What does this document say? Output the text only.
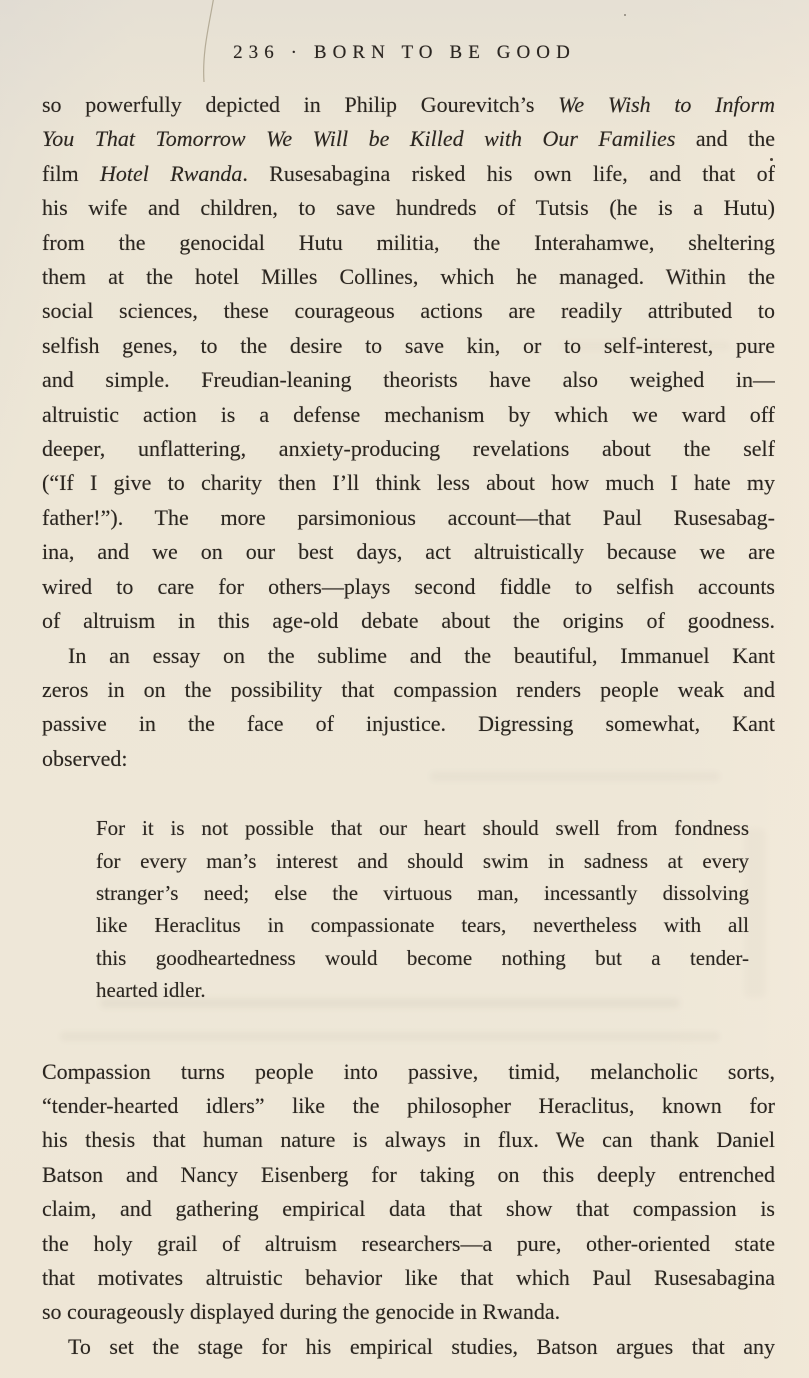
236 · BORN TO BE GOOD
so powerfully depicted in Philip Gourevitch’s We Wish to Inform
You That Tomorrow We Will be Killed with Our Families and the
film Hotel Rwanda. Rusesabagina risked his own life, and that of
his wife and children, to save hundreds of Tutsis (he is a Hutu)
from the genocidal Hutu militia, the Interahamwe, sheltering
them at the hotel Milles Collines, which he managed. Within the
social sciences, these courageous actions are readily attributed to
selfish genes, to the desire to save kin, or to self-interest, pure
and simple. Freudian-leaning theorists have also weighed in—
altruistic action is a defense mechanism by which we ward off
deeper, unflattering, anxiety-producing revelations about the self
(“If I give to charity then I’ll think less about how much I hate my
father!”). The more parsimonious account—that Paul Rusesabag-
ina, and we on our best days, act altruistically because we are
wired to care for others—plays second fiddle to selfish accounts
of altruism in this age-old debate about the origins of goodness.
In an essay on the sublime and the beautiful, Immanuel Kant
zeros in on the possibility that compassion renders people weak and
passive in the face of injustice. Digressing somewhat, Kant
observed:
For it is not possible that our heart should swell from fondness
for every man’s interest and should swim in sadness at every
stranger’s need; else the virtuous man, incessantly dissolving
like Heraclitus in compassionate tears, nevertheless with all
this goodheartedness would become nothing but a tender-
hearted idler.
Compassion turns people into passive, timid, melancholic sorts,
“tender-hearted idlers” like the philosopher Heraclitus, known for
his thesis that human nature is always in flux. We can thank Daniel
Batson and Nancy Eisenberg for taking on this deeply entrenched
claim, and gathering empirical data that show that compassion is
the holy grail of altruism researchers—a pure, other-oriented state
that motivates altruistic behavior like that which Paul Rusesabagina
so courageously displayed during the genocide in Rwanda.
To set the stage for his empirical studies, Batson argues that any
